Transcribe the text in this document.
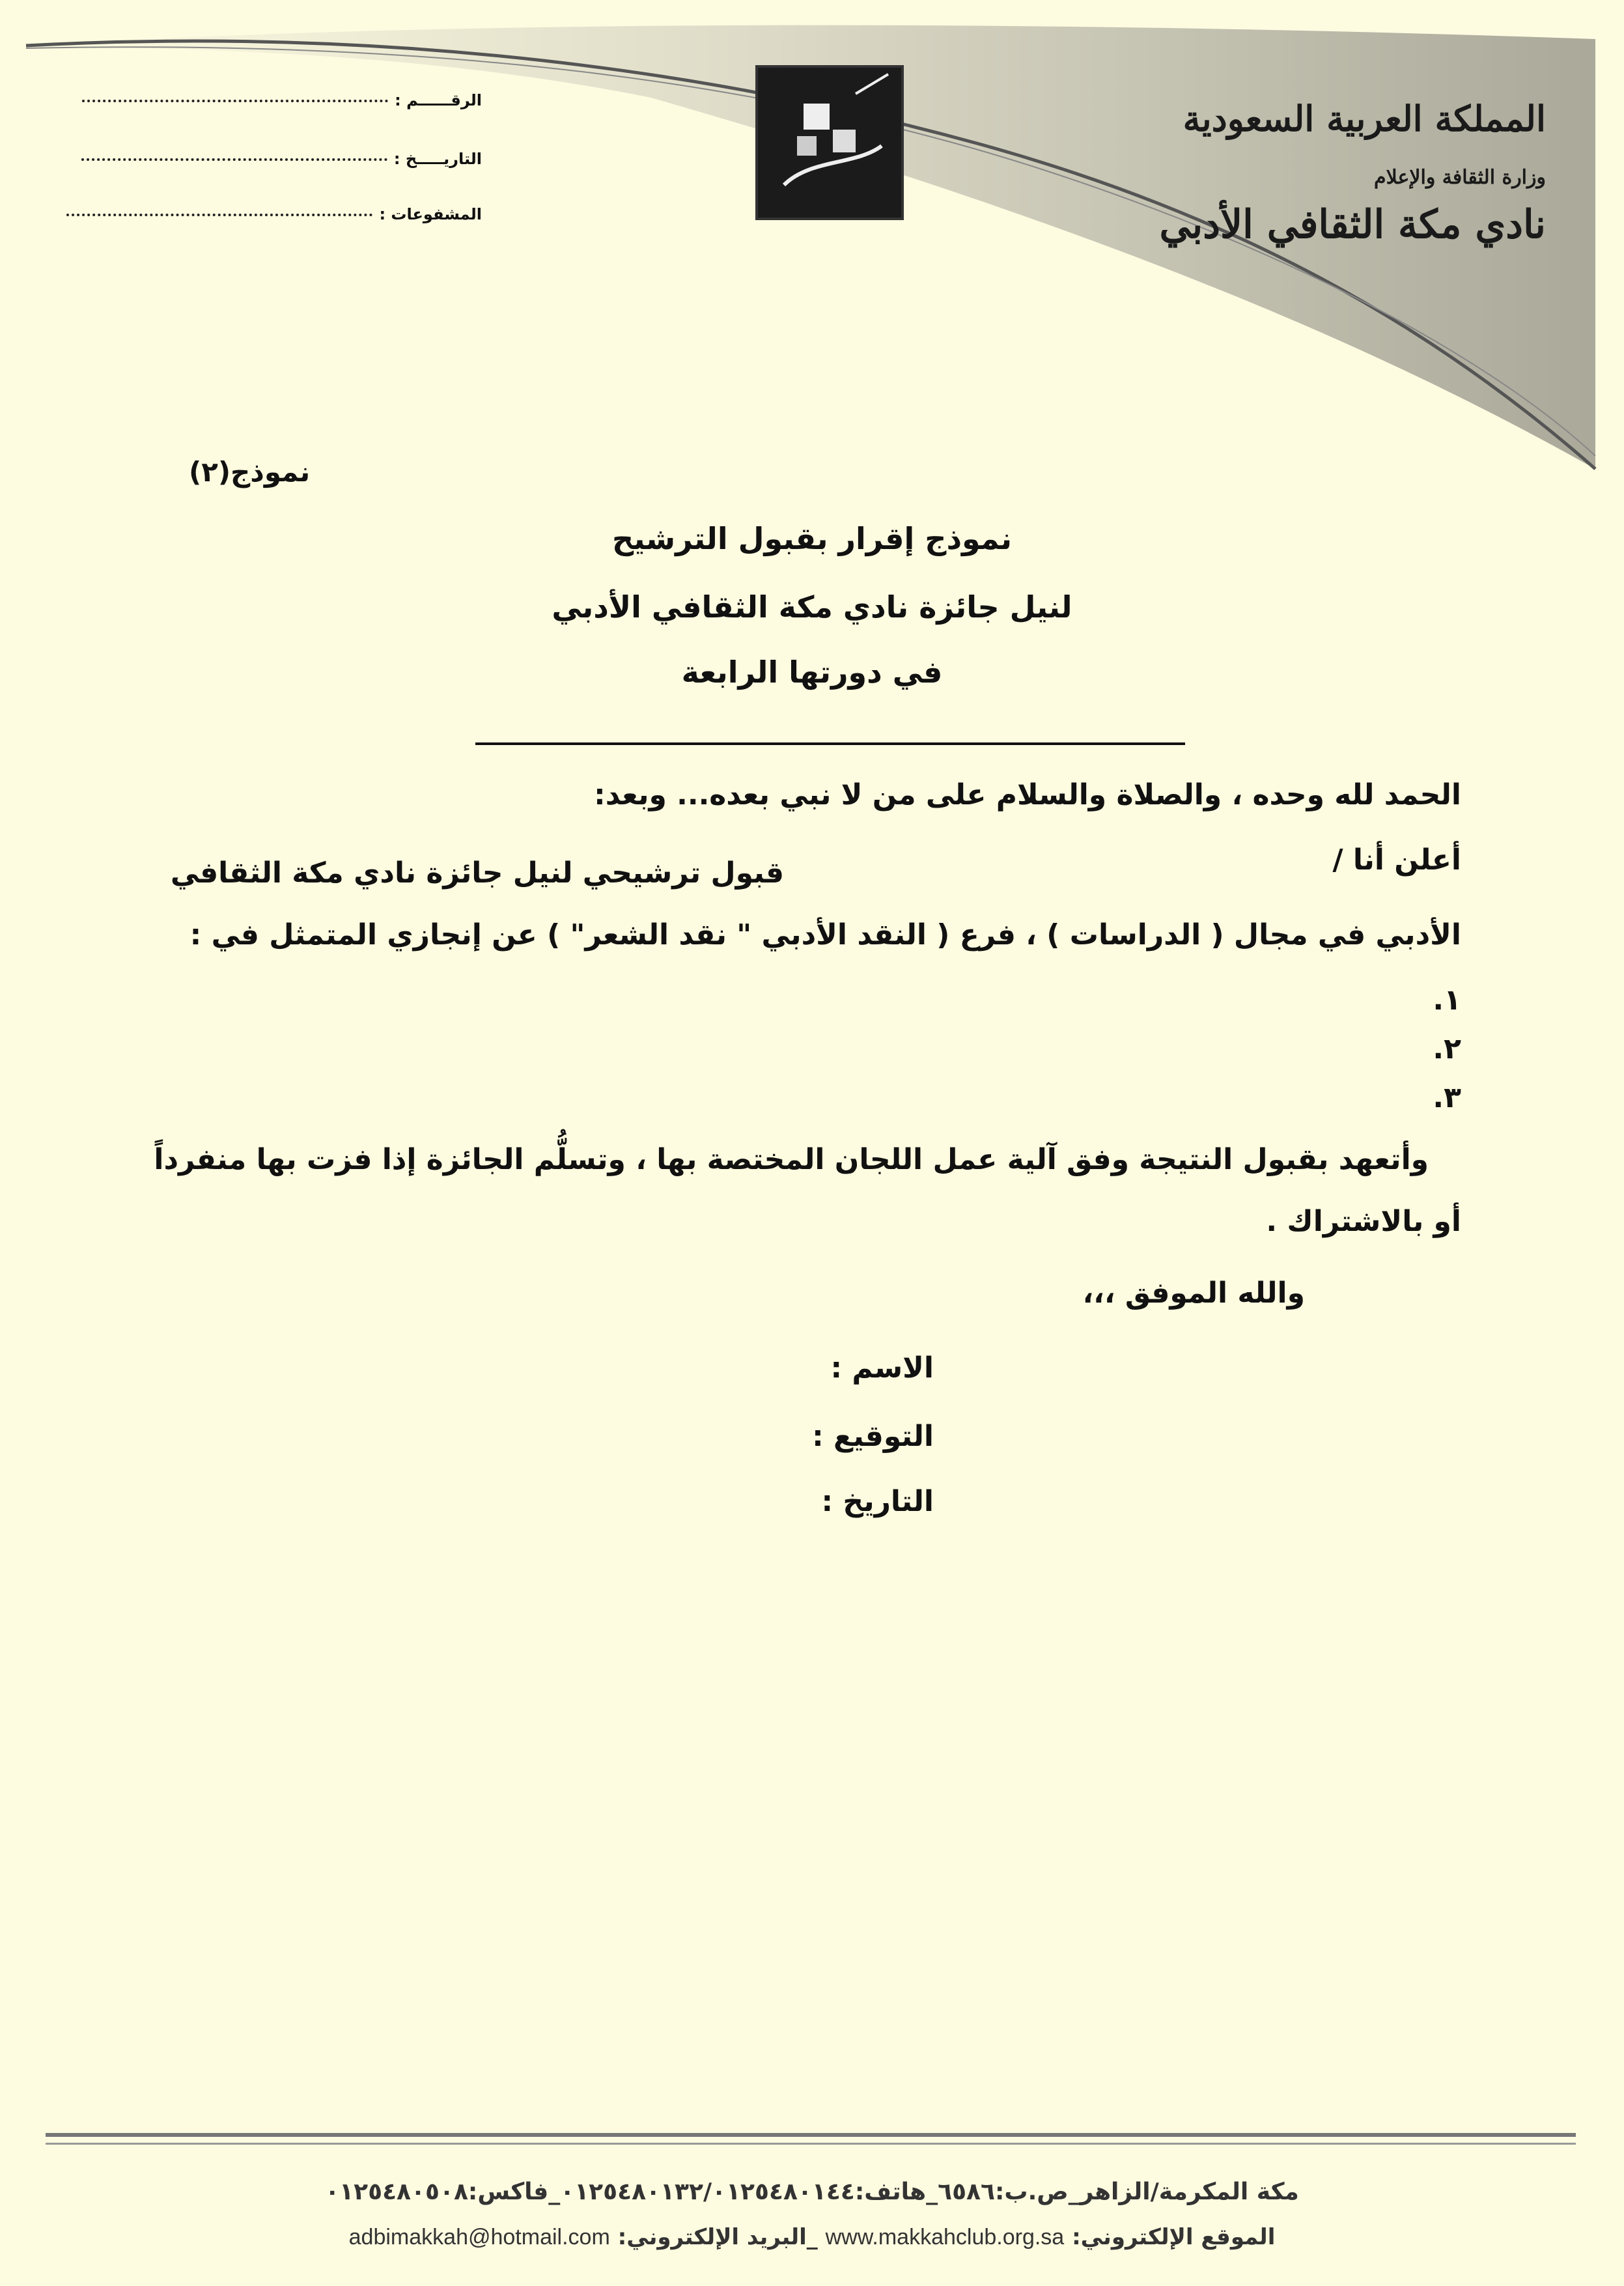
المملكة العربية السعودية
وزارة الثقافة والإعلام
نادي مكة الثقافي الأدبي
الرقــــــم :
التاريـــــخ :
المشفوعات :
نموذج(٢)
نموذج إقرار بقبول الترشيح
لنيل جائزة نادي مكة الثقافي الأدبي
في دورتها الرابعة
الحمد لله وحده ، والصلاة والسلام على من لا نبي بعده... وبعد:
أعلن أنا /
قبول ترشيحي لنيل جائزة نادي مكة الثقافي
الأدبي في مجال ( الدراسات ) ، فرع ( النقد الأدبي " نقد الشعر" ) عن إنجازي المتمثل في :
١.
٢.
٣.
وأتعهد بقبول النتيجة وفق آلية عمل اللجان المختصة بها ، وتسلُّم الجائزة إذا فزت بها منفرداً
أو بالاشتراك .
والله الموفق ،،،
الاسم :
التوقيع :
التاريخ :
مكة المكرمة/الزاهر_ص.ب:٦٥٨٦_هاتف:٠١٢٥٤٨٠١٣٢/٠١٢٥٤٨٠١٤٤_فاكس:٠١٢٥٤٨٠٥٠٨
الموقع الإلكتروني: www.makkahclub.org.sa _البريد الإلكتروني: adbimakkah@hotmail.com
